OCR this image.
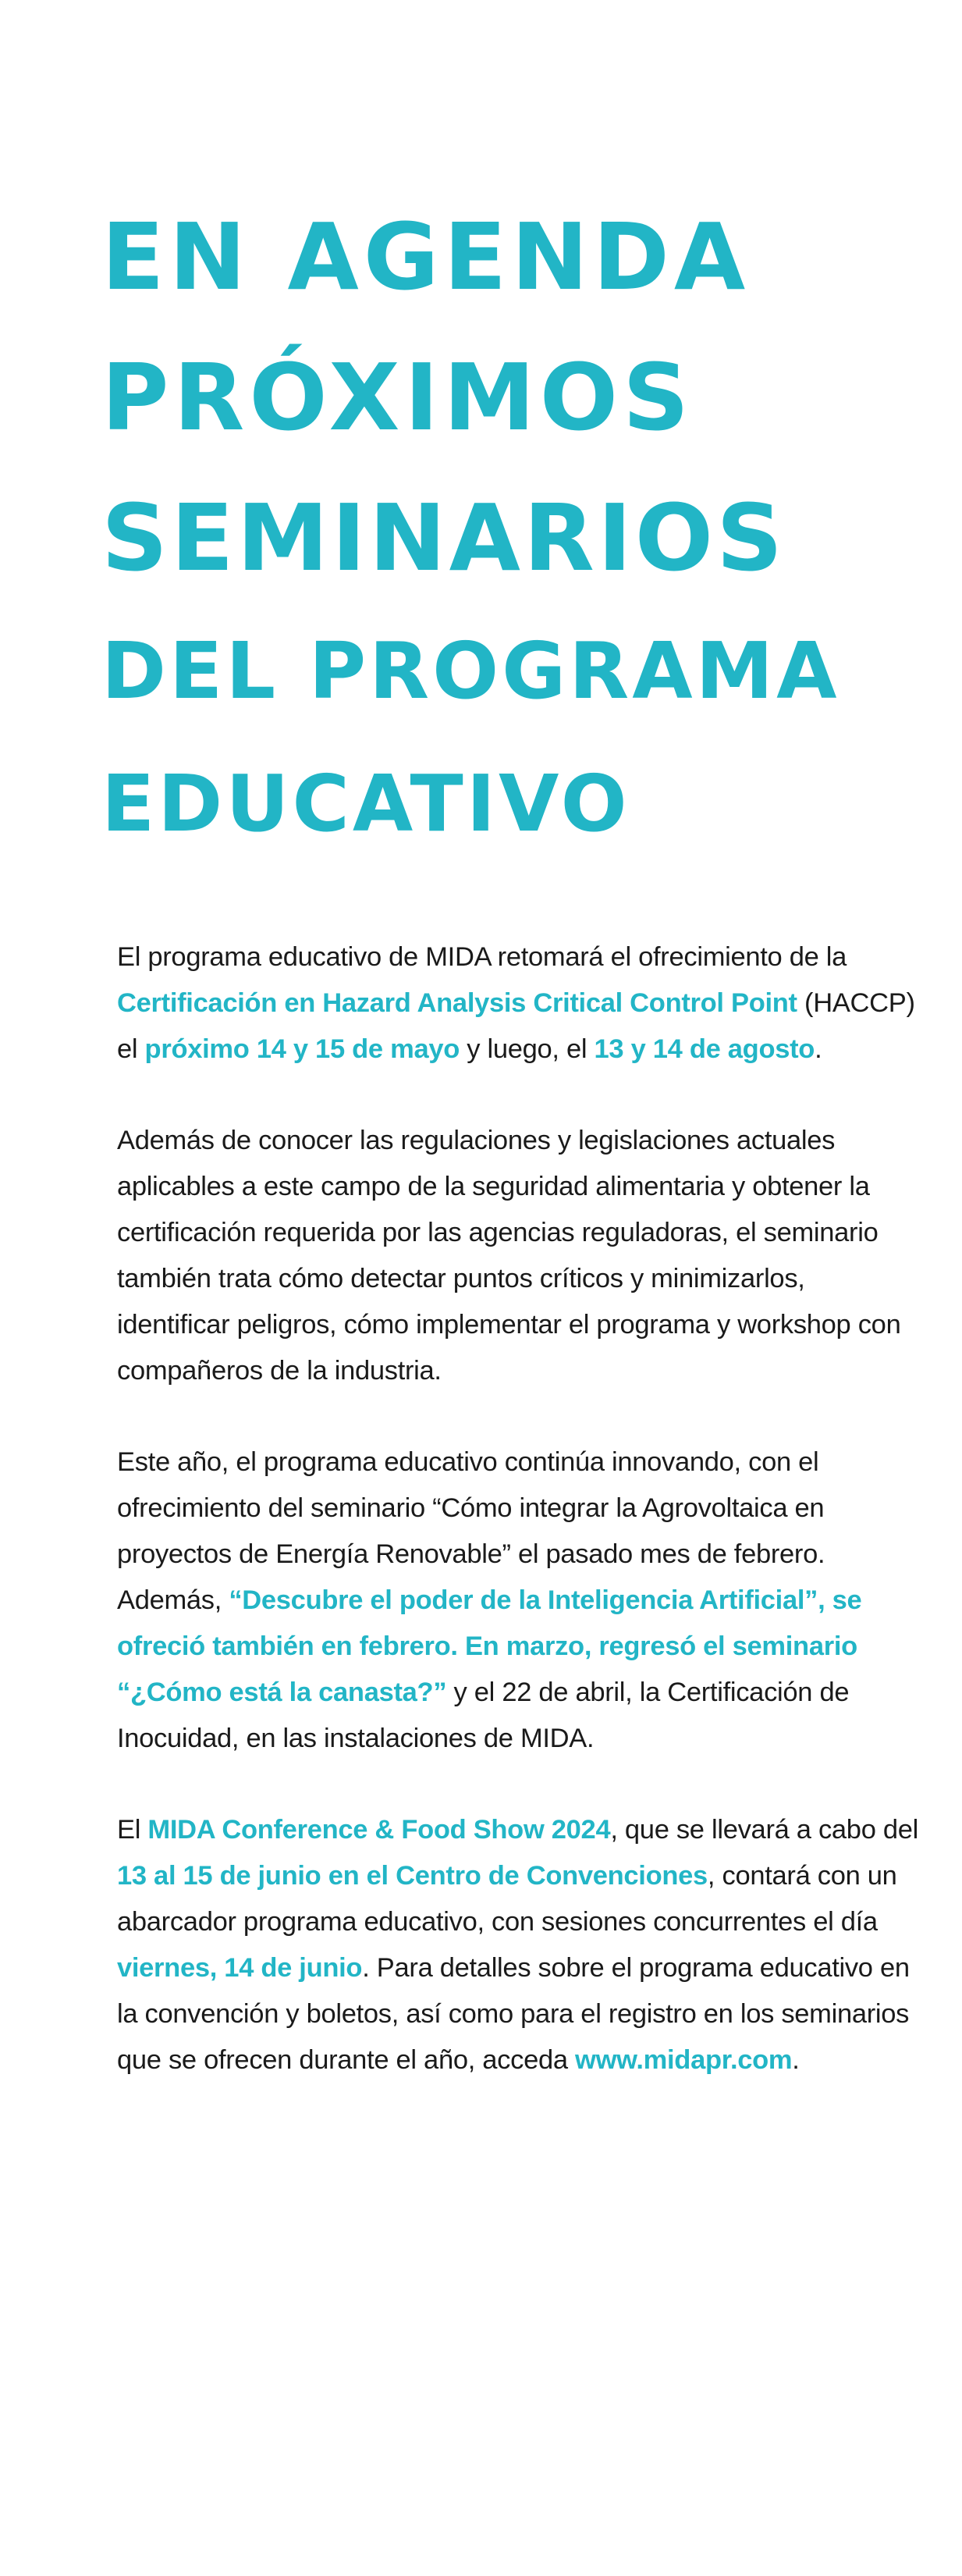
EN AGENDA
PRÓXIMOS
SEMINARIOS
DEL PROGRAMA
EDUCATIVO

El programa educativo de MIDA retomará el ofrecimiento de la Certificación en Hazard Analysis Critical Control Point (HACCP) el próximo 14 y 15 de mayo y luego, el 13 y 14 de agosto.

Además de conocer las regulaciones y legislaciones actuales aplicables a este campo de la seguridad alimentaria y obtener la certificación requerida por las agencias reguladoras, el seminario también trata cómo detectar puntos críticos y minimizarlos, identificar peligros, cómo implementar el programa y workshop con compañeros de la industria.

Este año, el programa educativo continúa innovando, con el ofrecimiento del seminario “Cómo integrar la Agrovoltaica en proyectos de Energía Renovable” el pasado mes de febrero. Además, “Descubre el poder de la Inteligencia Artificial”, se ofreció también en febrero. En marzo, regresó el seminario “¿Cómo está la canasta?” y el 22 de abril, la Certificación de Inocuidad, en las instalaciones de MIDA.

El MIDA Conference & Food Show 2024, que se llevará a cabo del 13 al 15 de junio en el Centro de Convenciones, contará con un abarcador programa educativo, con sesiones concurrentes el día viernes, 14 de junio. Para detalles sobre el programa educativo en la convención y boletos, así como para el registro en los seminarios que se ofrecen durante el año, acceda www.midapr.com.
